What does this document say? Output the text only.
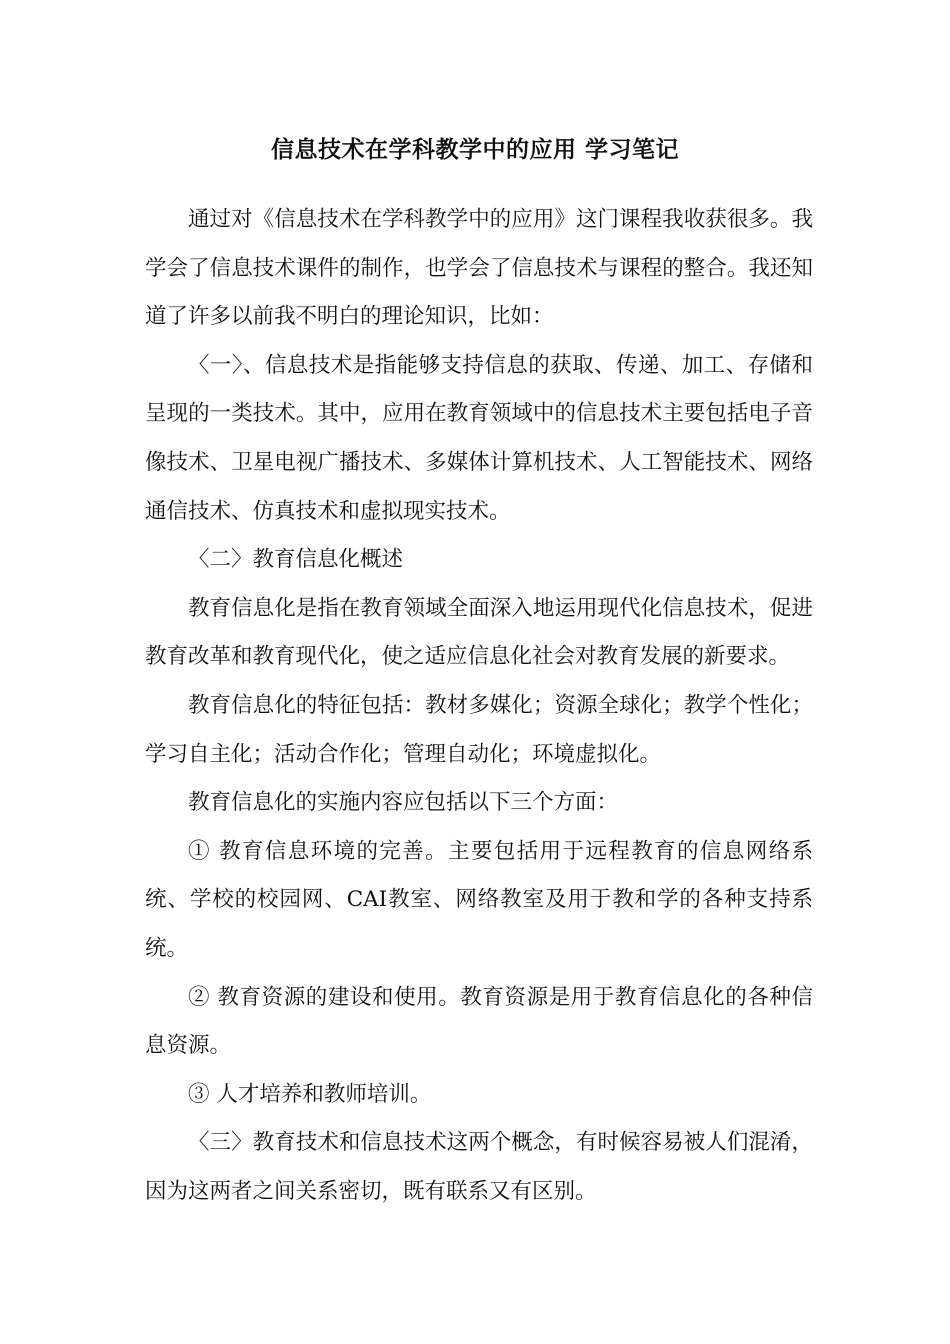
信息技术在学科教学中的应用 学习笔记

通过对《信息技术在学科教学中的应用》这门课程我收获很多。我学会了信息技术课件的制作，也学会了信息技术与课程的整合。我还知道了许多以前我不明白的理论知识，比如：

〈一〉、信息技术是指能够支持信息的获取、传递、加工、存储和呈现的一类技术。其中，应用在教育领域中的信息技术主要包括电子音像技术、卫星电视广播技术、多媒体计算机技术、人工智能技术、网络通信技术、仿真技术和虚拟现实技术。

〈二〉教育信息化概述

教育信息化是指在教育领域全面深入地运用现代化信息技术，促进教育改革和教育现代化，使之适应信息化社会对教育发展的新要求。

教育信息化的特征包括：教材多媒化；资源全球化；教学个性化；学习自主化；活动合作化；管理自动化；环境虚拟化。

教育信息化的实施内容应包括以下三个方面：

① 教育信息环境的完善。主要包括用于远程教育的信息网络系统、学校的校园网、CAI教室、网络教室及用于教和学的各种支持系统。

② 教育资源的建设和使用。教育资源是用于教育信息化的各种信息资源。

③ 人才培养和教师培训。

〈三〉教育技术和信息技术这两个概念，有时候容易被人们混淆，因为这两者之间关系密切，既有联系又有区别。
